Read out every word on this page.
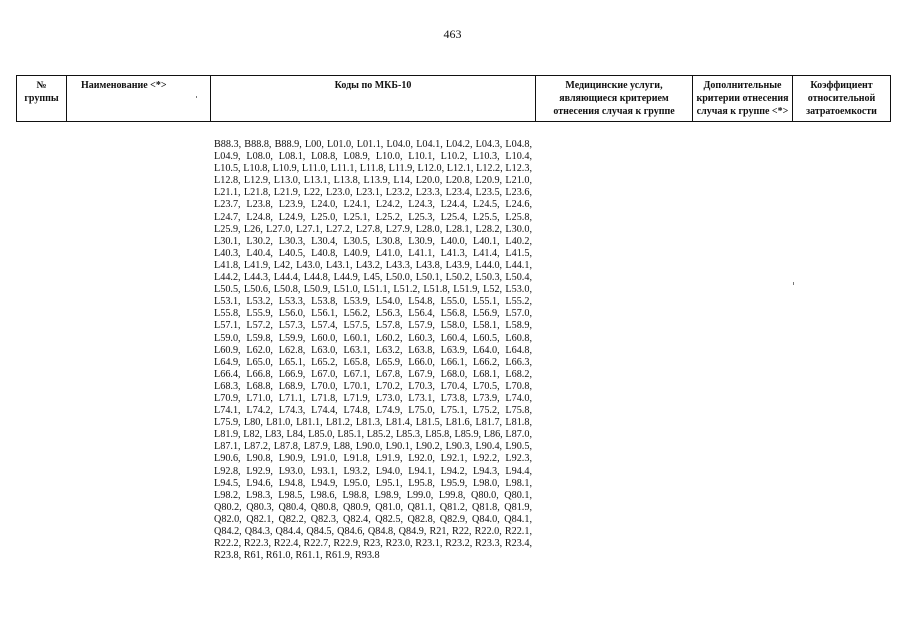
463
№ группы	Наименование <*>	Коды по МКБ-10	Медицинские услуги, являющиеся критерием отнесения случая к группе	Дополнительные критерии отнесения случая к группе <*>	Коэффициент относительной затратоемкости
B88.3, B88.8, B88.9, L00, L01.0, L01.1, L04.0, L04.1, L04.2, L04.3, L04.8, L04.9, L08.0, L08.1, L08.8, L08.9, L10.0, L10.1, L10.2, L10.3, L10.4, L10.5, L10.8, L10.9, L11.0, L11.1, L11.8, L11.9, L12.0, L12.1, L12.2, L12.3, L12.8, L12.9, L13.0, L13.1, L13.8, L13.9, L14, L20.0, L20.8, L20.9, L21.0, L21.1, L21.8, L21.9, L22, L23.0, L23.1, L23.2, L23.3, L23.4, L23.5, L23.6, L23.7, L23.8, L23.9, L24.0, L24.1, L24.2, L24.3, L24.4, L24.5, L24.6, L24.7, L24.8, L24.9, L25.0, L25.1, L25.2, L25.3, L25.4, L25.5, L25.8, L25.9, L26, L27.0, L27.1, L27.2, L27.8, L27.9, L28.0, L28.1, L28.2, L30.0, L30.1, L30.2, L30.3, L30.4, L30.5, L30.8, L30.9, L40.0, L40.1, L40.2, L40.3, L40.4, L40.5, L40.8, L40.9, L41.0, L41.1, L41.3, L41.4, L41.5, L41.8, L41.9, L42, L43.0, L43.1, L43.2, L43.3, L43.8, L43.9, L44.0, L44.1, L44.2, L44.3, L44.4, L44.8, L44.9, L45, L50.0, L50.1, L50.2, L50.3, L50.4, L50.5, L50.6, L50.8, L50.9, L51.0, L51.1, L51.2, L51.8, L51.9, L52, L53.0, L53.1, L53.2, L53.3, L53.8, L53.9, L54.0, L54.8, L55.0, L55.1, L55.2, L55.8, L55.9, L56.0, L56.1, L56.2, L56.3, L56.4, L56.8, L56.9, L57.0, L57.1, L57.2, L57.3, L57.4, L57.5, L57.8, L57.9, L58.0, L58.1, L58.9, L59.0, L59.8, L59.9, L60.0, L60.1, L60.2, L60.3, L60.4, L60.5, L60.8, L60.9, L62.0, L62.8, L63.0, L63.1, L63.2, L63.8, L63.9, L64.0, L64.8, L64.9, L65.0, L65.1, L65.2, L65.8, L65.9, L66.0, L66.1, L66.2, L66.3, L66.4, L66.8, L66.9, L67.0, L67.1, L67.8, L67.9, L68.0, L68.1, L68.2, L68.3, L68.8, L68.9, L70.0, L70.1, L70.2, L70.3, L70.4, L70.5, L70.8, L70.9, L71.0, L71.1, L71.8, L71.9, L73.0, L73.1, L73.8, L73.9, L74.0, L74.1, L74.2, L74.3, L74.4, L74.8, L74.9, L75.0, L75.1, L75.2, L75.8, L75.9, L80, L81.0, L81.1, L81.2, L81.3, L81.4, L81.5, L81.6, L81.7, L81.8, L81.9, L82, L83, L84, L85.0, L85.1, L85.2, L85.3, L85.8, L85.9, L86, L87.0, L87.1, L87.2, L87.8, L87.9, L88, L90.0, L90.1, L90.2, L90.3, L90.4, L90.5, L90.6, L90.8, L90.9, L91.0, L91.8, L91.9, L92.0, L92.1, L92.2, L92.3, L92.8, L92.9, L93.0, L93.1, L93.2, L94.0, L94.1, L94.2, L94.3, L94.4, L94.5, L94.6, L94.8, L94.9, L95.0, L95.1, L95.8, L95.9, L98.0, L98.1, L98.2, L98.3, L98.5, L98.6, L98.8, L98.9, L99.0, L99.8, Q80.0, Q80.1, Q80.2, Q80.3, Q80.4, Q80.8, Q80.9, Q81.0, Q81.1, Q81.2, Q81.8, Q81.9, Q82.0, Q82.1, Q82.2, Q82.3, Q82.4, Q82.5, Q82.8, Q82.9, Q84.0, Q84.1, Q84.2, Q84.3, Q84.4, Q84.5, Q84.6, Q84.8, Q84.9, R21, R22, R22.0, R22.1, R22.2, R22.3, R22.4, R22.7, R22.9, R23, R23.0, R23.1, R23.2, R23.3, R23.4, R23.8, R61, R61.0, R61.1, R61.9, R93.8
